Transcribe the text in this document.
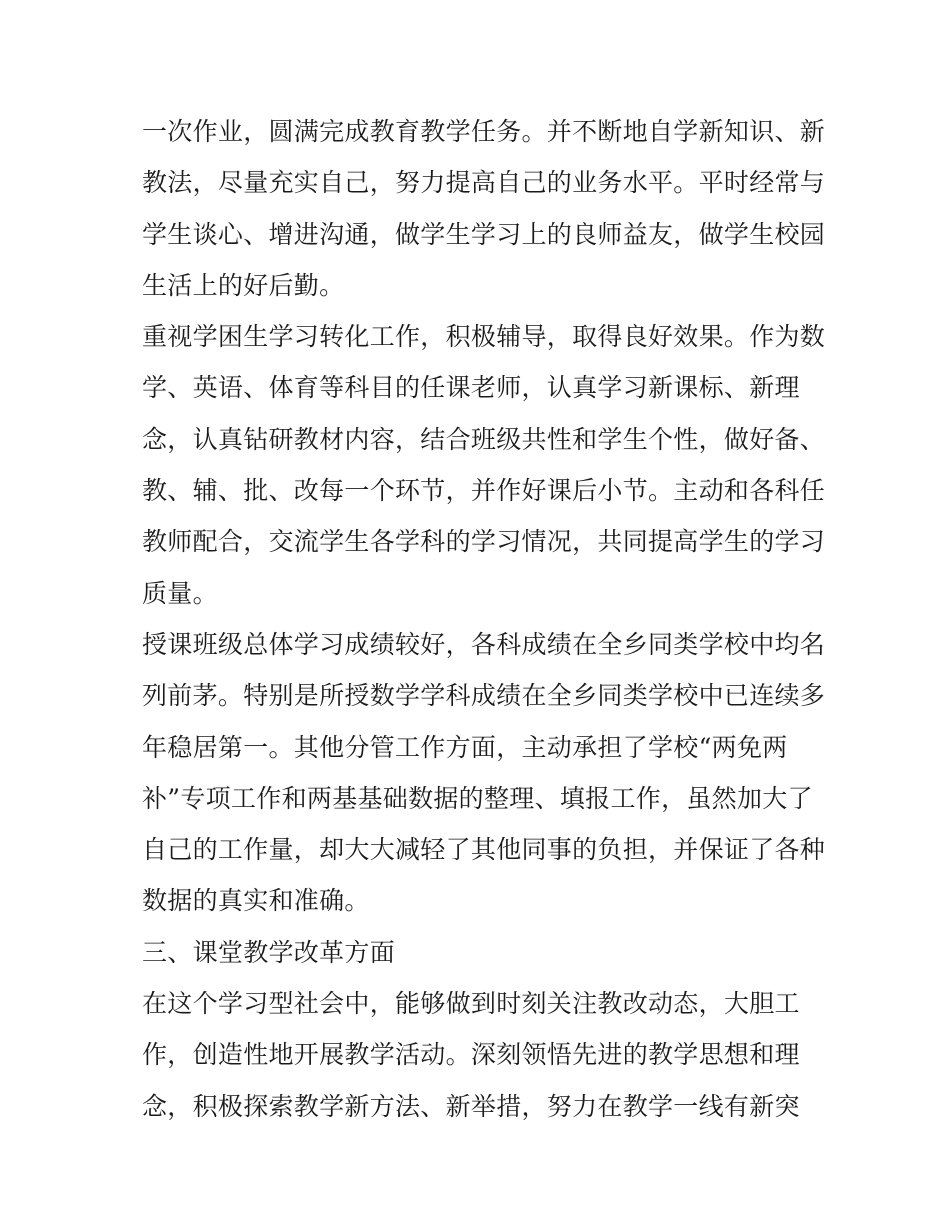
一次作业，圆满完成教育教学任务。并不断地自学新知识、新
教法，尽量充实自己，努力提高自己的业务水平。平时经常与
学生谈心、增进沟通，做学生学习上的良师益友，做学生校园
生活上的好后勤。
重视学困生学习转化工作，积极辅导，取得良好效果。作为数
学、英语、体育等科目的任课老师，认真学习新课标、新理
念，认真钻研教材内容，结合班级共性和学生个性，做好备、
教、辅、批、改每一个环节，并作好课后小节。主动和各科任
教师配合，交流学生各学科的学习情况，共同提高学生的学习
质量。
授课班级总体学习成绩较好，各科成绩在全乡同类学校中均名
列前茅。特别是所授数学学科成绩在全乡同类学校中已连续多
年稳居第一。其他分管工作方面，主动承担了学校“两免两
补”专项工作和两基基础数据的整理、填报工作，虽然加大了
自己的工作量，却大大减轻了其他同事的负担，并保证了各种
数据的真实和准确。
三、课堂教学改革方面
在这个学习型社会中，能够做到时刻关注教改动态，大胆工
作，创造性地开展教学活动。深刻领悟先进的教学思想和理
念，积极探索教学新方法、新举措，努力在教学一线有新突
